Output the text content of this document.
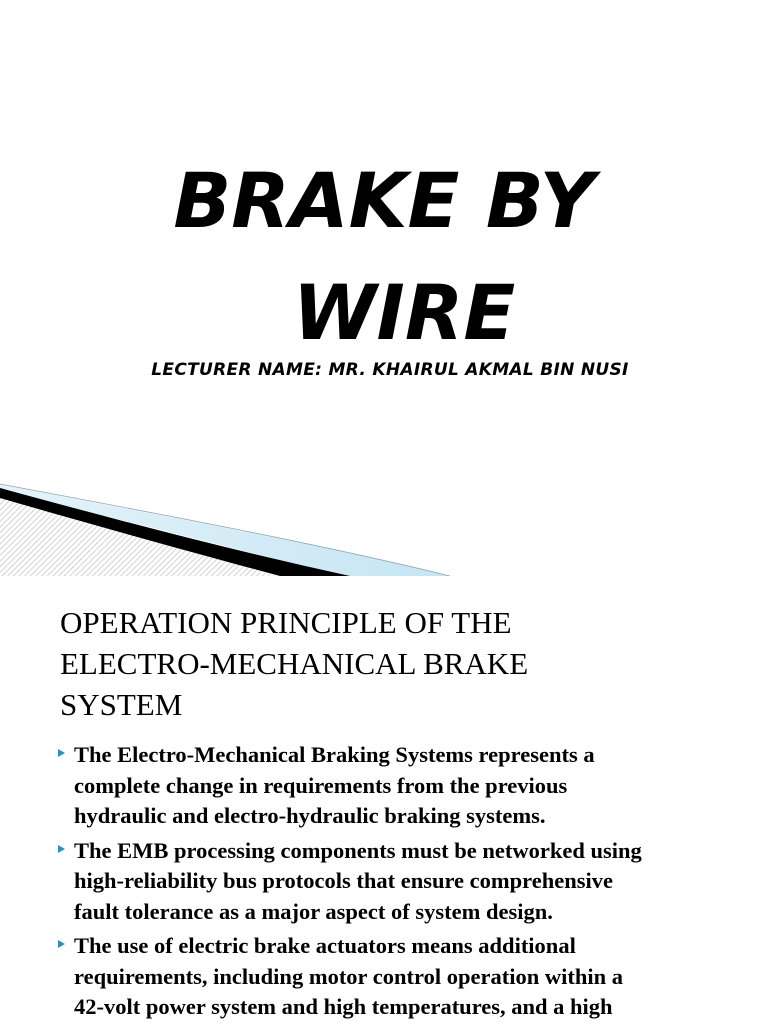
BRAKE BY
WIRE
LECTURER NAME: MR. KHAIRUL AKMAL BIN NUSI
OPERATION PRINCIPLE OF THE
ELECTRO-MECHANICAL BRAKE
SYSTEM
The Electro-Mechanical Braking Systems represents a
complete change in requirements from the previous
hydraulic and electro-hydraulic braking systems.
The EMB processing components must be networked using
high-reliability bus protocols that ensure comprehensive
fault tolerance as a major aspect of system design.
The use of electric brake actuators means additional
requirements, including motor control operation within a
42-volt power system and high temperatures, and a high
